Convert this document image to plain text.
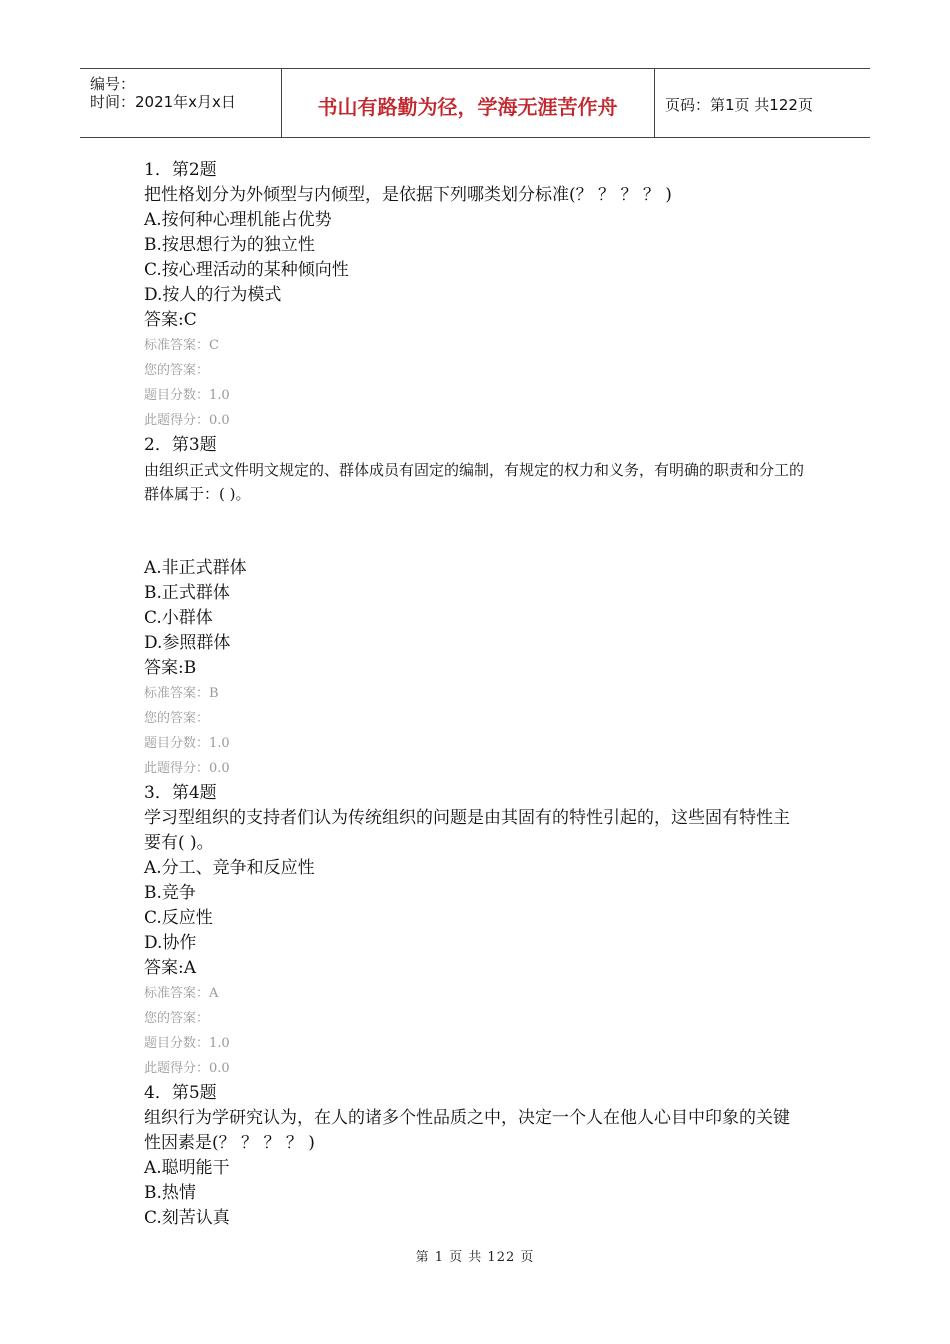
编号：
时间：2021年x月x日	书山有路勤为径，学海无涯苦作舟	页码：第1页 共122页
1．第2题
把性格划分为外倾型与内倾型，是依据下列哪类划分标准(？ ？ ？ ？ )
A.按何种心理机能占优势
B.按思想行为的独立性
C.按心理活动的某种倾向性
D.按人的行为模式
答案:C
标准答案：C
您的答案：
题目分数：1.0
此题得分：0.0
2．第3题
由组织正式文件明文规定的、群体成员有固定的编制，有规定的权力和义务，有明确的职责和分工的群体属于：( )。
A.非正式群体
B.正式群体
C.小群体
D.参照群体
答案:B
标准答案：B
您的答案：
题目分数：1.0
此题得分：0.0
3．第4题
学习型组织的支持者们认为传统组织的问题是由其固有的特性引起的，这些固有特性主要有( )。
A.分工、竞争和反应性
B.竞争
C.反应性
D.协作
答案:A
标准答案：A
您的答案：
题目分数：1.0
此题得分：0.0
4．第5题
组织行为学研究认为，在人的诸多个性品质之中，决定一个人在他人心目中印象的关键性因素是(？ ？ ？ ？ )
A.聪明能干
B.热情
C.刻苦认真
第 1 页 共 122 页
